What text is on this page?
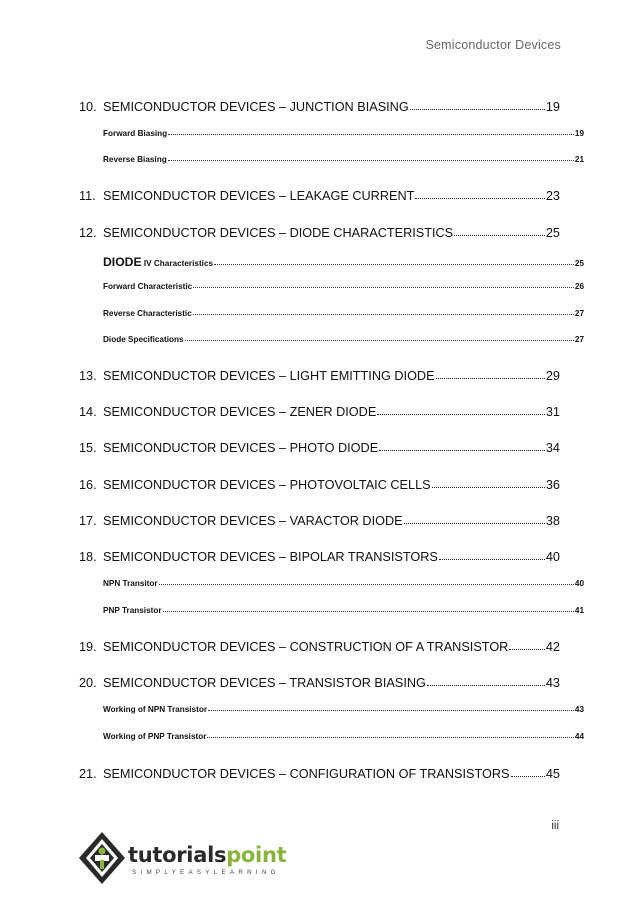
Semiconductor Devices
10. SEMICONDUCTOR DEVICES – JUNCTION BIASING	19
Forward Biasing	19
Reverse Biasing	21
11. SEMICONDUCTOR DEVICES – LEAKAGE CURRENT	23
12. SEMICONDUCTOR DEVICES – DIODE CHARACTERISTICS	25
DIODE IV Characteristics	25
Forward Characteristic	26
Reverse Characteristic	27
Diode Specifications	27
13. SEMICONDUCTOR DEVICES – LIGHT EMITTING DIODE	29
14. SEMICONDUCTOR DEVICES – ZENER DIODE	31
15. SEMICONDUCTOR DEVICES – PHOTO DIODE	34
16. SEMICONDUCTOR DEVICES – PHOTOVOLTAIC CELLS	36
17. SEMICONDUCTOR DEVICES – VARACTOR DIODE	38
18. SEMICONDUCTOR DEVICES – BIPOLAR TRANSISTORS	40
NPN Transitor	40
PNP Transistor	41
19. SEMICONDUCTOR DEVICES – CONSTRUCTION OF A TRANSISTOR	42
20. SEMICONDUCTOR DEVICES – TRANSISTOR BIASING	43
Working of NPN Transistor	43
Working of PNP Transistor	44
21. SEMICONDUCTOR DEVICES – CONFIGURATION OF TRANSISTORS	45
iii
tutorialspoint
SIMPLYEASYLEARNING
